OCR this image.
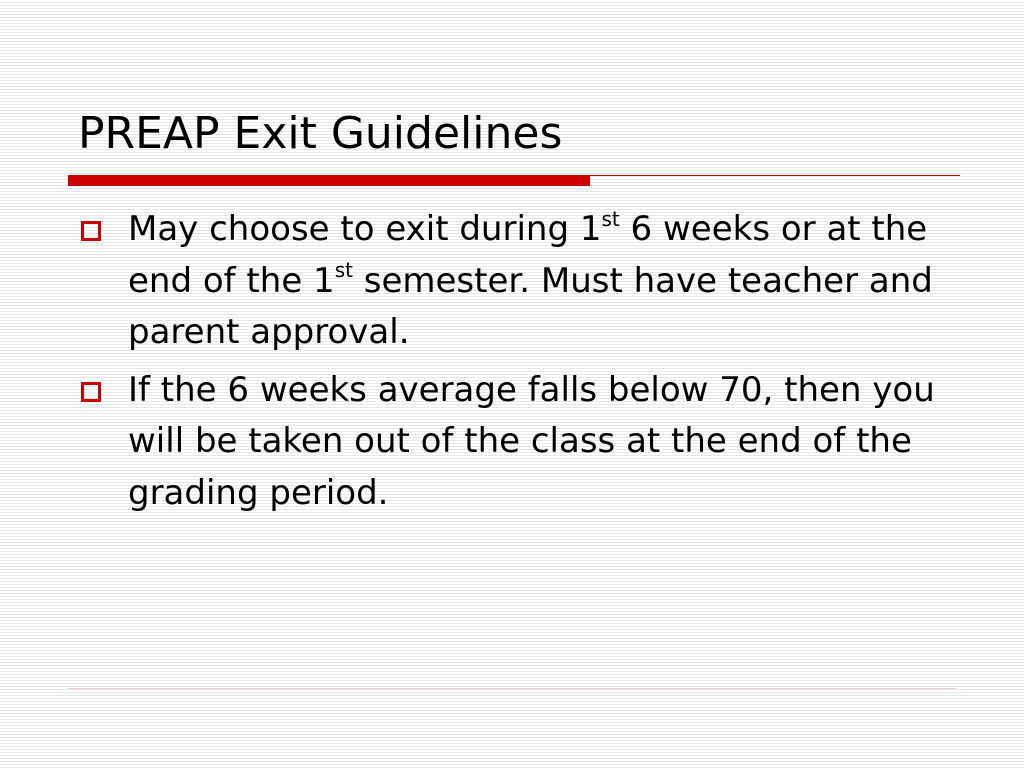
PREAP Exit Guidelines
May choose to exit during 1st 6 weeks or at the end of the 1st semester. Must have teacher and parent approval.
If the 6 weeks average falls below 70, then you will be taken out of the class at the end of the grading period.
